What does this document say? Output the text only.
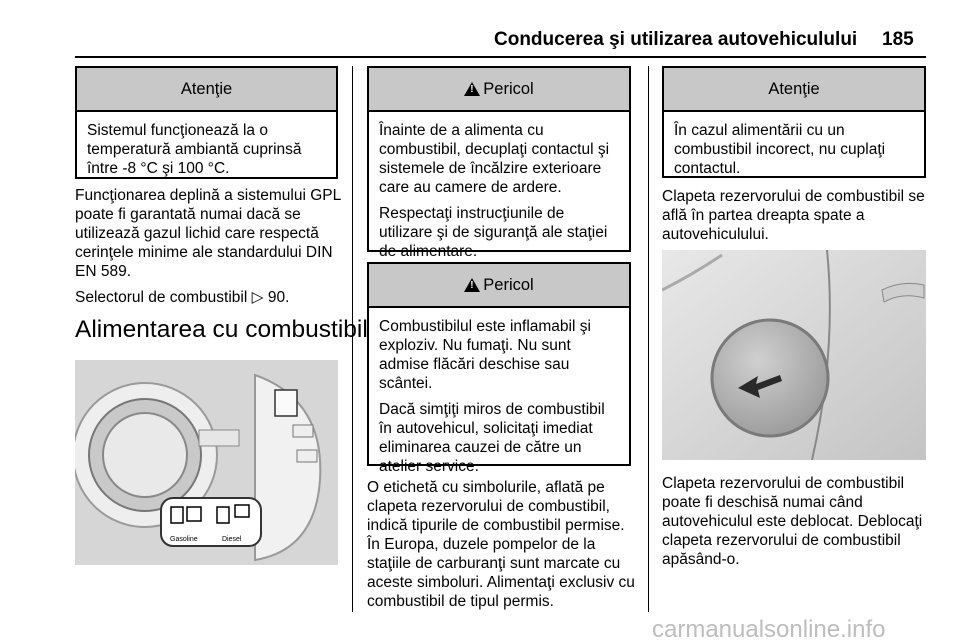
Conducerea şi utilizarea autovehiculului 185
Atenţie

Sistemul funcţionează la o temperatură ambiantă cuprinsă între -8 °C şi 100 °C.

Funcţionarea deplină a sistemului GPL poate fi garantată numai dacă se utilizează gazul lichid care respectă cerinţele minime ale standardului DIN EN 589.

Selectorul de combustibil ▷ 90.

Alimentarea cu combustibil
Gasoline	Diesel
!
Pericol

Înainte de a alimenta cu combustibil, decuplaţi contactul şi sistemele de încălzire exterioare care au camere de ardere.

Respectaţi instrucţiunile de utilizare şi de siguranţă ale staţiei de alimentare.

!
Pericol

Combustibilul este inflamabil şi exploziv. Nu fumaţi. Nu sunt admise flăcări deschise sau scântei.

Dacă simţiţi miros de combustibil în autovehicul, solicitaţi imediat eliminarea cauzei de către un atelier service.

O etichetă cu simbolurile, aflată pe clapeta rezervorului de combustibil, indică tipurile de combustibil permise. În Europa, duzele pompelor de la staţiile de carburanţi sunt marcate cu aceste simboluri. Alimentaţi exclusiv cu combustibil de tipul permis.
Atenţie

În cazul alimentării cu un combustibil incorect, nu cuplaţi contactul.

Clapeta rezervorului de combustibil se află în partea dreapta spate a autovehiculului.
Clapeta rezervorului de combustibil poate fi deschisă numai când autovehiculul este deblocat. Deblocaţi clapeta rezervorului de combustibil apăsând-o.
carmanualsonline.info
